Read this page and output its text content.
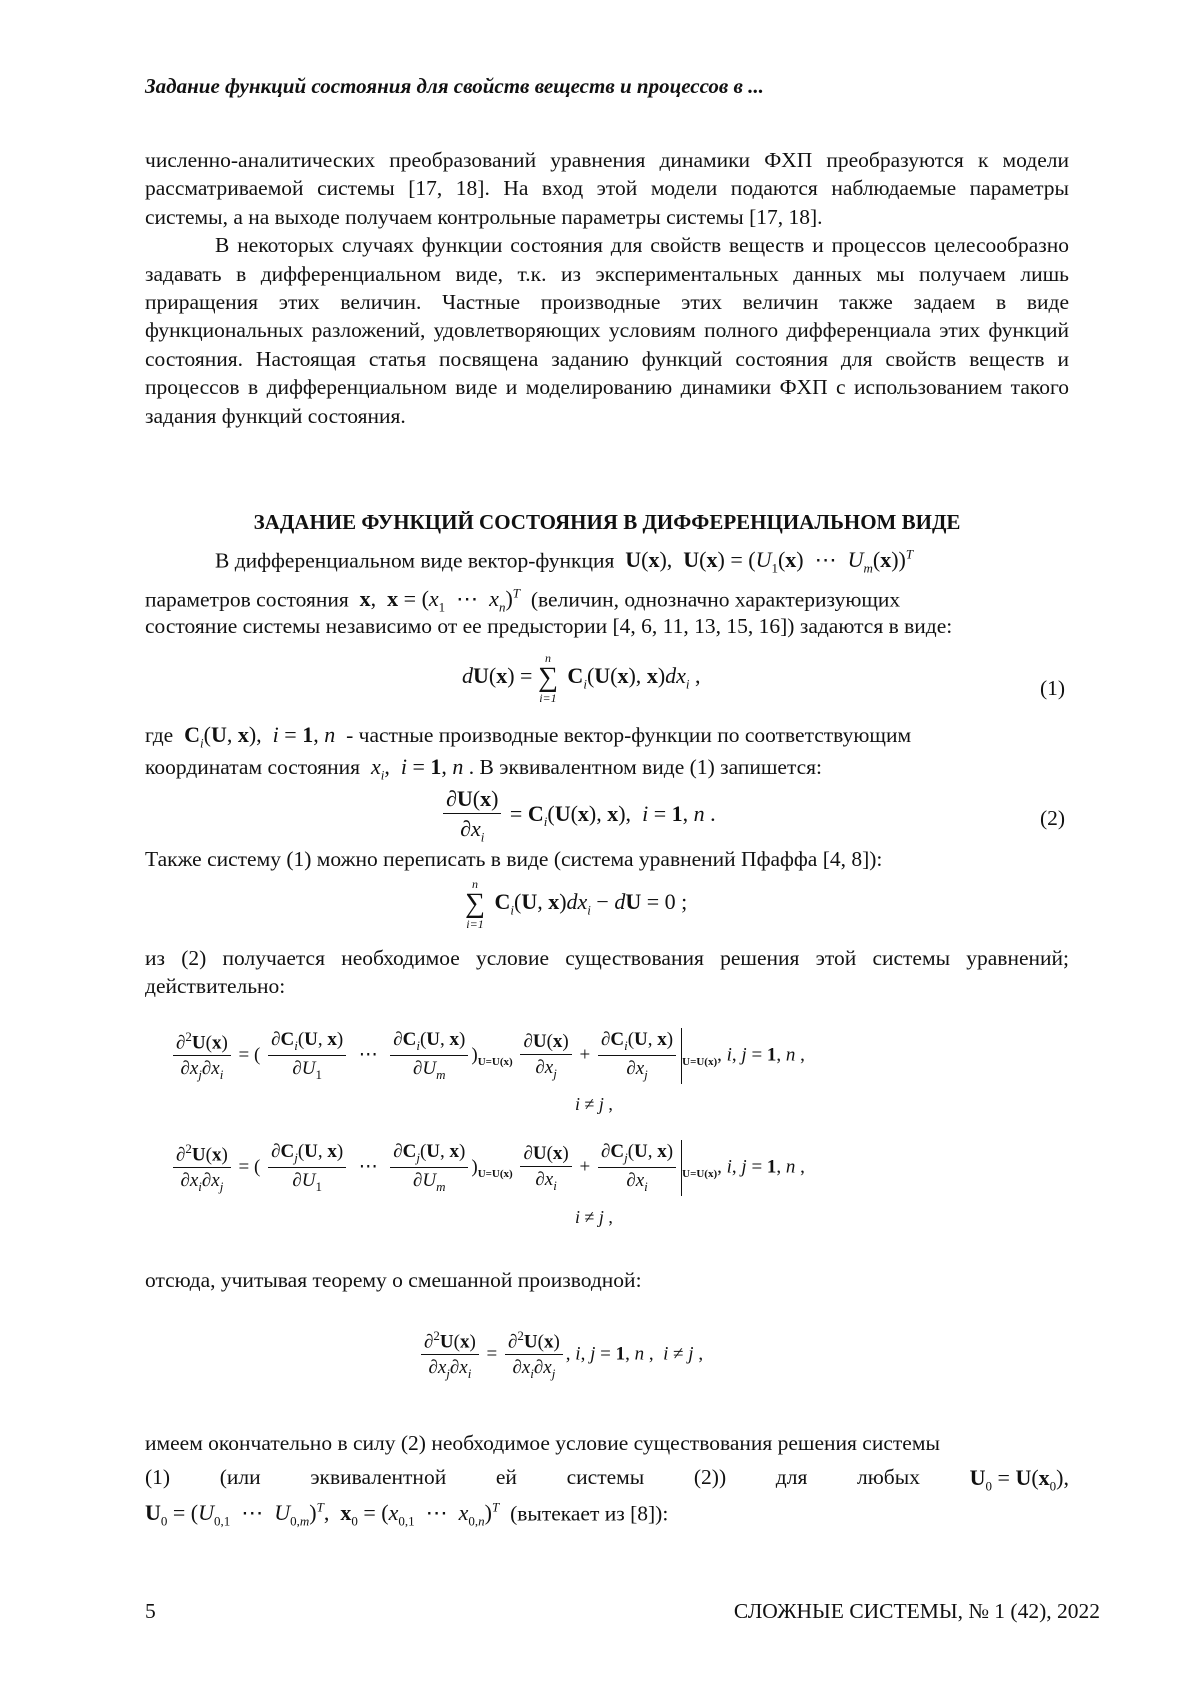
Задание функций состояния для свойств веществ и процессов в ...

численно-аналитических преобразований уравнения динамики ФХП преобразуются к модели рассматриваемой системы [17, 18]. На вход этой модели подаются наблюдаемые параметры системы, а на выходе получаем контрольные параметры системы [17, 18].

В некоторых случаях функции состояния для свойств веществ и процессов целесообразно задавать в дифференциальном виде, т.к. из экспериментальных данных мы получаем лишь приращения этих величин. Частные производные этих величин также задаем в виде функциональных разложений, удовлетворяющих условиям полного дифференциала этих функций состояния. Настоящая статья посвящена заданию функций состояния для свойств веществ и процессов в дифференциальном виде и моделированию динамики ФХП с использованием такого задания функций состояния.

ЗАДАНИЕ ФУНКЦИЙ СОСТОЯНИЯ В ДИФФЕРЕНЦИАЛЬНОМ ВИДЕ
В дифференциальном виде вектор-функция U(x),  U(x) = (U1(x)  ⋯  Um(x))T
параметров состояния x,  x = (x1  ⋯  xn)T (величин, однозначно характеризующих
состояние системы независимо от ее предыстории [4, 6, 11, 13, 15, 16]) задаются в виде:
dU(x) =
n
∑
i=1
Ci(U(x), x)dxi ,	(1)
где Ci(U, x),  i = 1, n - частные производные вектор-функции по соответствующим
координатам состояния xi,  i = 1, n . В эквивалентном виде (1) запишется:
∂U(x)
∂xi
= Ci(U(x), x),  i = 1, n .	(2)
Также систему (1) можно переписать в виде (система уравнений Пфаффа [4, 8]):
n
∑
i=1
Ci(U, x)dxi − dU = 0 ;

из (2) получается необходимое условие существования решения этой системы уравнений; действительно:

∂2U(x)
∂xj∂xi
= (
∂Ci(U, x)
∂U1
⋯
∂Ci(U, x)
∂Um
)U=U(x)
∂U(x)
∂xj
+
∂Ci(U, x)
∂xj
U=U(x), i, j = 1, n ,
i ≠ j ,
∂2U(x)
∂xi∂xj
= (
∂Cj(U, x)
∂U1
⋯
∂Cj(U, x)
∂Um
)U=U(x)
∂U(x)
∂xi
+
∂Cj(U, x)
∂xi
U=U(x), i, j = 1, n ,
i ≠ j ,
отсюда, учитывая теорему о смешанной производной:
∂2U(x)
∂xj∂xi
=
∂2U(x)
∂xi∂xj
, i, j = 1, n ,  i ≠ j ,
имеем окончательно в силу (2) необходимое условие существования решения системы
(1) (или эквивалентной ей системы (2)) для любых U0 = U(x0),
U0 = (U0,1  ⋯  U0,m)T,  x0 = (x0,1  ⋯  x0,n)T (вытекает из [8]):
5	СЛОЖНЫЕ СИСТЕМЫ, № 1 (42), 2022
